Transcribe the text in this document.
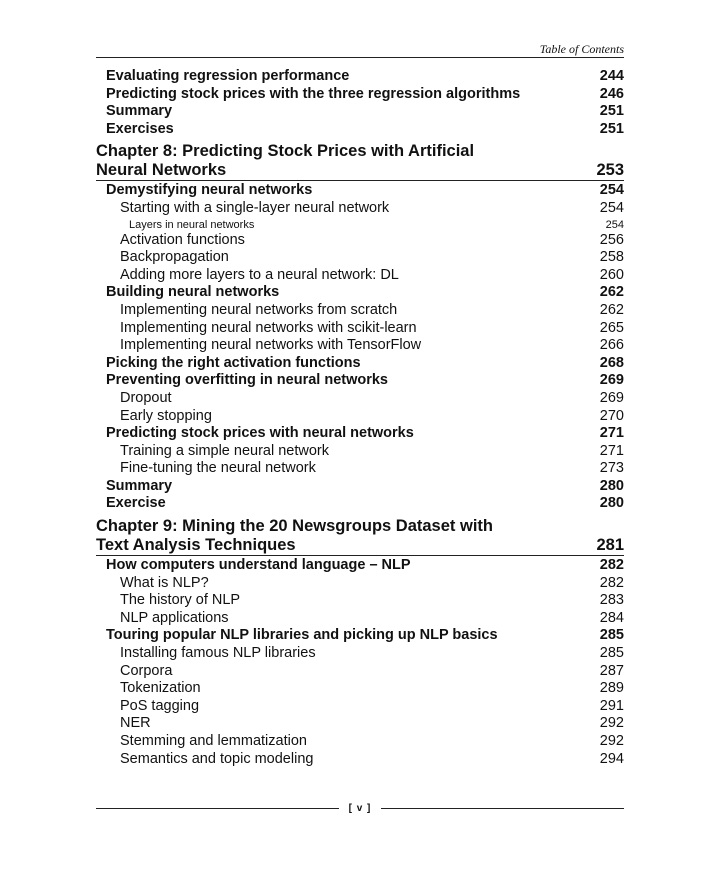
Table of Contents
Evaluating regression performance	244
Predicting stock prices with the three regression algorithms	246
Summary	251
Exercises	251
Chapter 8: Predicting Stock Prices with Artificial
Neural Networks	253
Demystifying neural networks	254
Starting with a single-layer neural network	254
Layers in neural networks	254
Activation functions	256
Backpropagation	258
Adding more layers to a neural network: DL	260
Building neural networks	262
Implementing neural networks from scratch	262
Implementing neural networks with scikit-learn	265
Implementing neural networks with TensorFlow	266
Picking the right activation functions	268
Preventing overfitting in neural networks	269
Dropout	269
Early stopping	270
Predicting stock prices with neural networks	271
Training a simple neural network	271
Fine-tuning the neural network	273
Summary	280
Exercise	280
Chapter 9: Mining the 20 Newsgroups Dataset with
Text Analysis Techniques	281
How computers understand language – NLP	282
What is NLP?	282
The history of NLP	283
NLP applications	284
Touring popular NLP libraries and picking up NLP basics	285
Installing famous NLP libraries	285
Corpora	287
Tokenization	289
PoS tagging	291
NER	292
Stemming and lemmatization	292
Semantics and topic modeling	294
[ v ]
